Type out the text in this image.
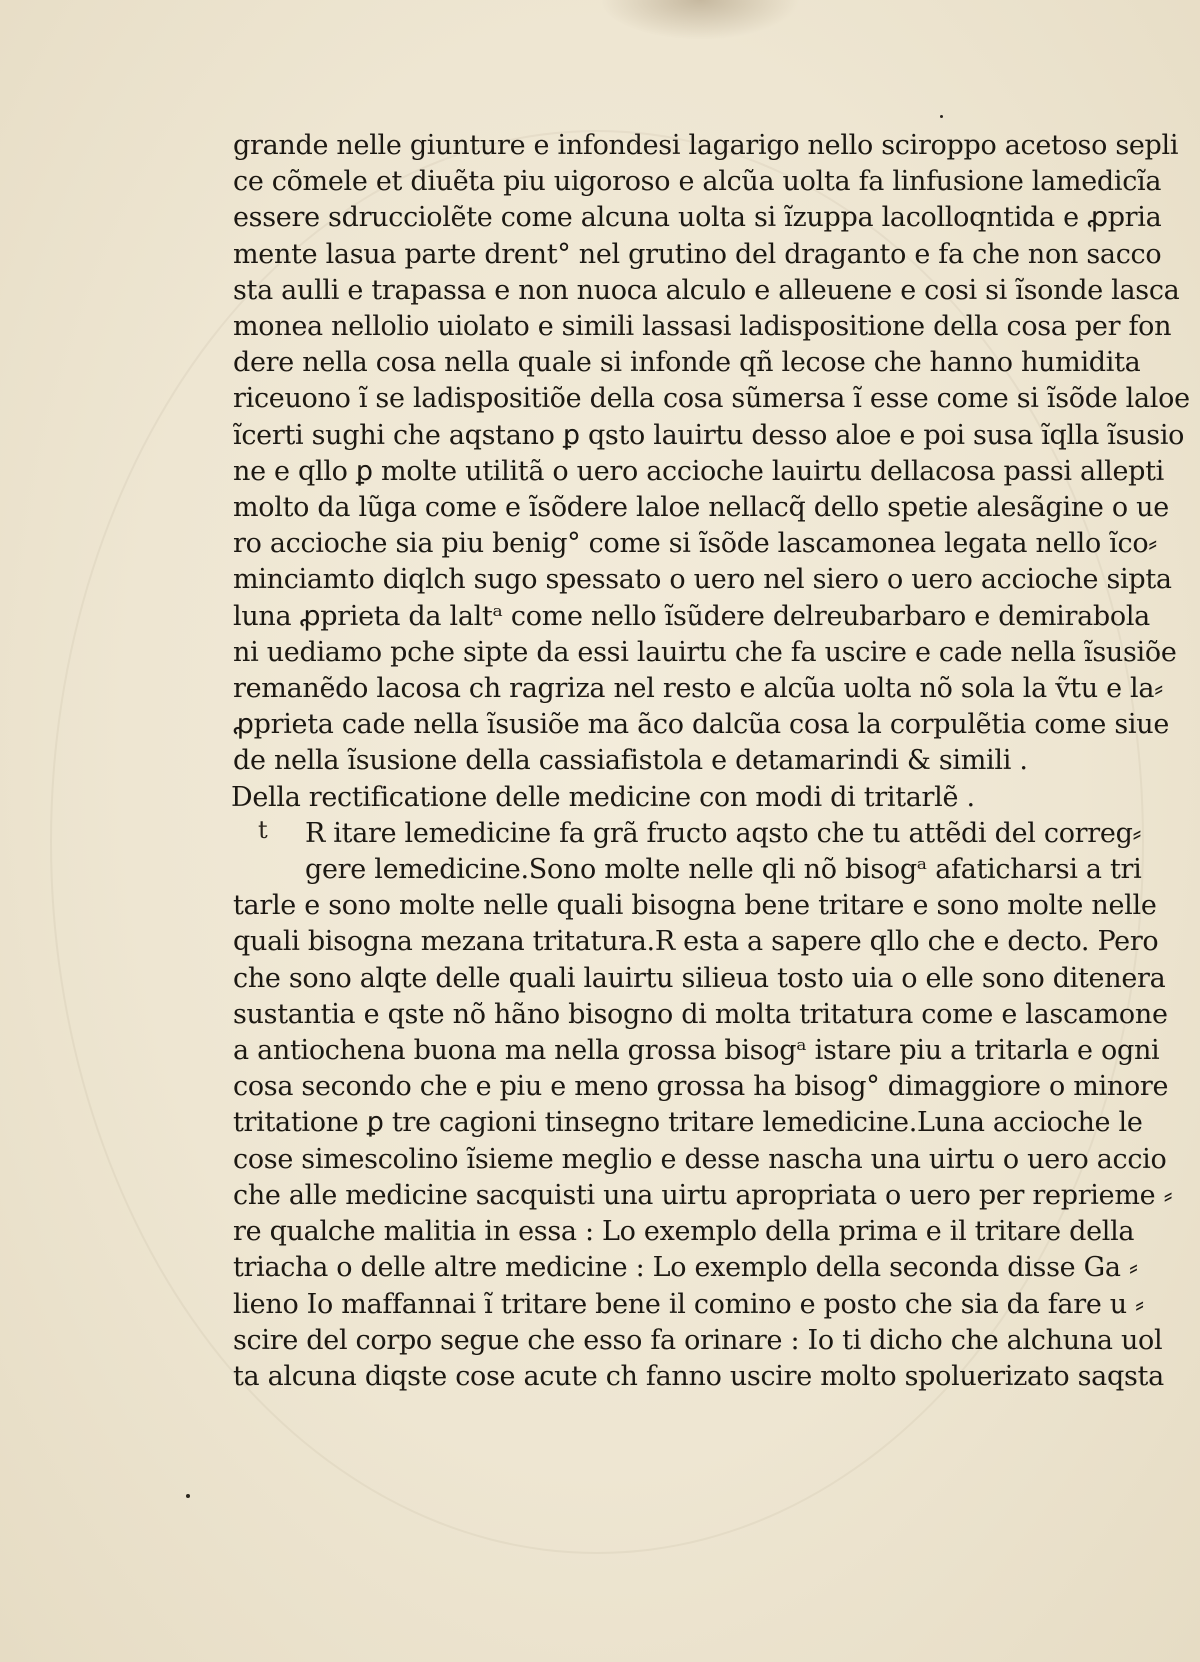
grande nelle giunture e infondesi lagarigo nello sciroppo acetoso sepli
ce cõmele et diuẽta piu uigoroso e alcũa uolta fa linfusione lamedicĩa
essere sdrucciolẽte come alcuna uolta si ĩzuppa lacolloqntida e ꝓpria
mente lasua parte drent° nel grutino del draganto e fa che non sacco
sta aulli e trapassa e non nuoca alculo e alleuene e cosi si ĩsonde lasca
monea nellolio uiolato e simili lassasi ladispositione della cosa per fon
dere nella cosa nella quale si infonde qñ lecose che hanno humidita
riceuono ĩ se ladispositiõe della cosa sũmersa ĩ esse come si ĩsõde laloe
ĩcerti sughi che aqstano ꝑ qsto lauirtu desso aloe e poi susa ĩqlla ĩsusio
ne e qllo ꝑ molte utilitã o uero accioche lauirtu dellacosa passi allepti
molto da lũga come e ĩsõdere laloe nellacq̃ dello spetie alesãgine o ue
ro accioche sia piu benig° come si ĩsõde lascamonea legata nello ĩco⸗
minciamto diqlch sugo spessato o uero nel siero o uero accioche sipta
luna ꝓprieta da laltᵃ come nello ĩsũdere delreubarbaro e demirabola
ni uediamo pche sipte da essi lauirtu che fa uscire e cade nella ĩsusiõe
remanẽdo lacosa ch ragriza nel resto e alcũa uolta nõ sola la ṽtu e la⸗
ꝓprieta cade nella ĩsusiõe ma ãco dalcũa cosa la corpulẽtia come siue
de nella ĩsusione della cassiafistola e detamarindi & simili .
Della rectificatione delle medicine con modi di tritarlẽ .
t	R itare lemedicine fa grã fructo aqsto che tu attẽdi del correg⸗
gere lemedicine.Sono molte nelle qli nõ bisogᵃ afaticharsi a tri
tarle e sono molte nelle quali bisogna bene tritare e sono molte nelle
quali bisogna mezana tritatura.R esta a sapere qllo che e decto. Pero
che sono alqte delle quali lauirtu silieua tosto uia o elle sono ditenera
sustantia e qste nõ hãno bisogno di molta tritatura come e lascamone
a antiochena buona ma nella grossa bisogᵃ istare piu a tritarla e ogni
cosa secondo che e piu e meno grossa ha bisog° dimaggiore o minore
tritatione ꝑ tre cagioni tinsegno tritare lemedicine.Luna accioche le
cose simescolino ĩsieme meglio e desse nascha una uirtu o uero accio
che alle medicine sacquisti una uirtu apropriata o uero per reprieme ⸗
re qualche malitia in essa : Lo exemplo della prima e il tritare della
triacha o delle altre medicine : Lo exemplo della seconda disse Ga ⸗
lieno Io maffannai ĩ tritare bene il comino e posto che sia da fare u ⸗
scire del corpo segue che esso fa orinare : Io ti dicho che alchuna uol
ta alcuna diqste cose acute ch fanno uscire molto spoluerizato saqsta
